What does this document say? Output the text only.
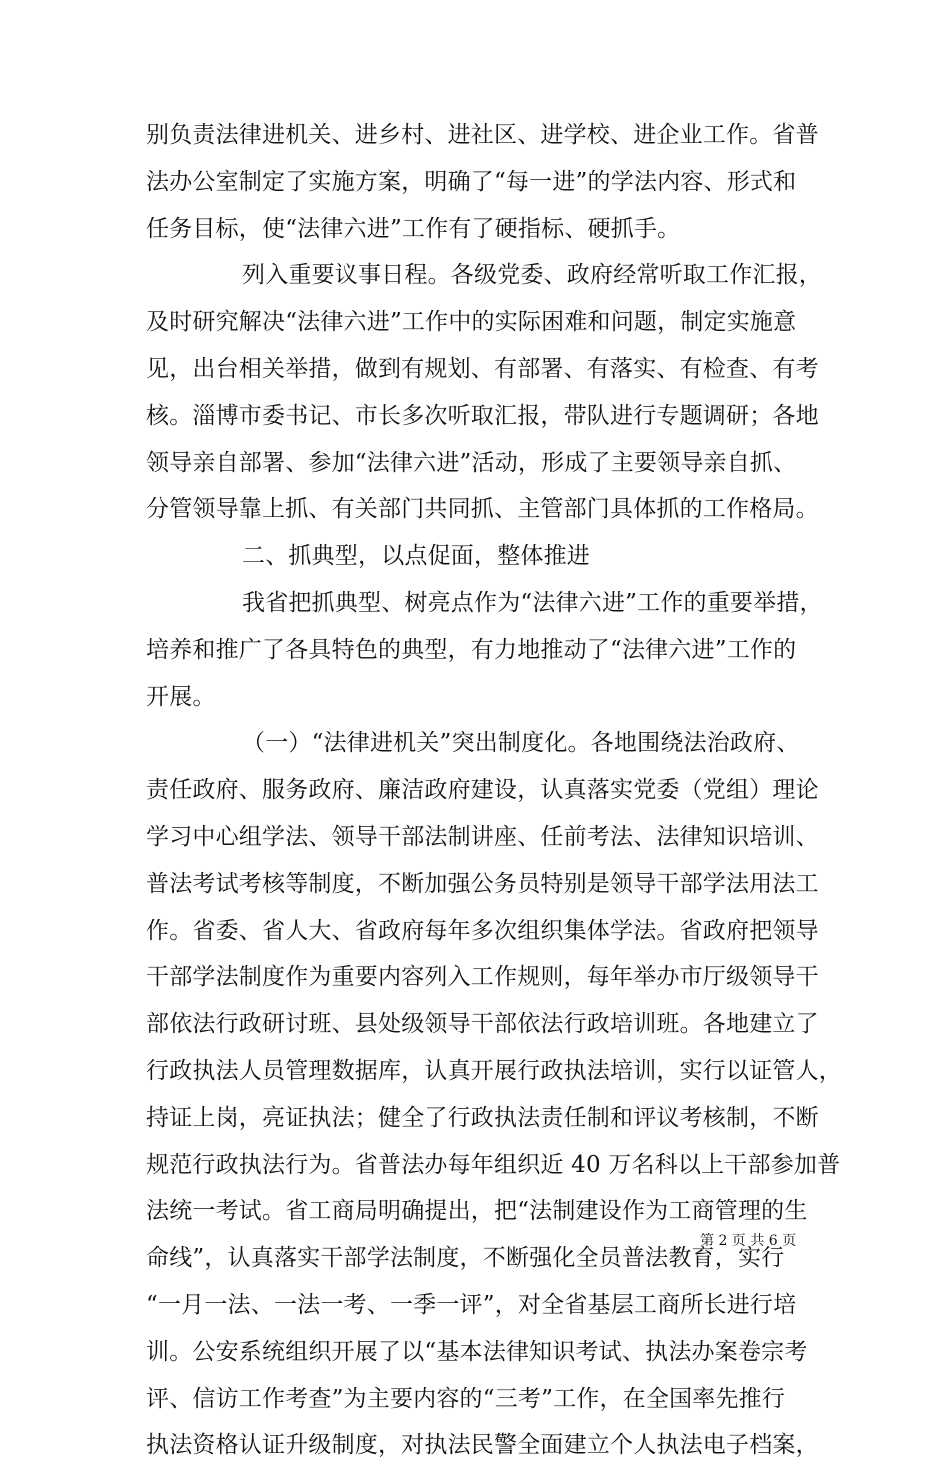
别负责法律进机关、进乡村、进社区、进学校、进企业工作。省普
法办公室制定了实施方案，明确了“每一进”的学法内容、形式和
任务目标，使“法律六进”工作有了硬指标、硬抓手。
列入重要议事日程。各级党委、政府经常听取工作汇报，
及时研究解决“法律六进”工作中的实际困难和问题，制定实施意
见，出台相关举措，做到有规划、有部署、有落实、有检查、有考
核。淄博市委书记、市长多次听取汇报，带队进行专题调研；各地
领导亲自部署、参加“法律六进”活动，形成了主要领导亲自抓、
分管领导靠上抓、有关部门共同抓、主管部门具体抓的工作格局。
二、抓典型，以点促面，整体推进
我省把抓典型、树亮点作为“法律六进”工作的重要举措，
培养和推广了各具特色的典型，有力地推动了“法律六进”工作的
开展。
（一）“法律进机关”突出制度化。各地围绕法治政府、
责任政府、服务政府、廉洁政府建设，认真落实党委（党组）理论
学习中心组学法、领导干部法制讲座、任前考法、法律知识培训、
普法考试考核等制度，不断加强公务员特别是领导干部学法用法工
作。省委、省人大、省政府每年多次组织集体学法。省政府把领导
干部学法制度作为重要内容列入工作规则，每年举办市厅级领导干
部依法行政研讨班、县处级领导干部依法行政培训班。各地建立了
行政执法人员管理数据库，认真开展行政执法培训，实行以证管人，
持证上岗，亮证执法；健全了行政执法责任制和评议考核制，不断
规范行政执法行为。省普法办每年组织近 40 万名科以上干部参加普
法统一考试。省工商局明确提出，把“法制建设作为工商管理的生
命线”，认真落实干部学法制度，不断强化全员普法教育，实行
“一月一法、一法一考、一季一评”，对全省基层工商所长进行培
训。公安系统组织开展了以“基本法律知识考试、执法办案卷宗考
评、信访工作考查”为主要内容的“三考”工作，在全国率先推行
执法资格认证升级制度，对执法民警全面建立个人执法电子档案，
第 2 页 共 6 页
